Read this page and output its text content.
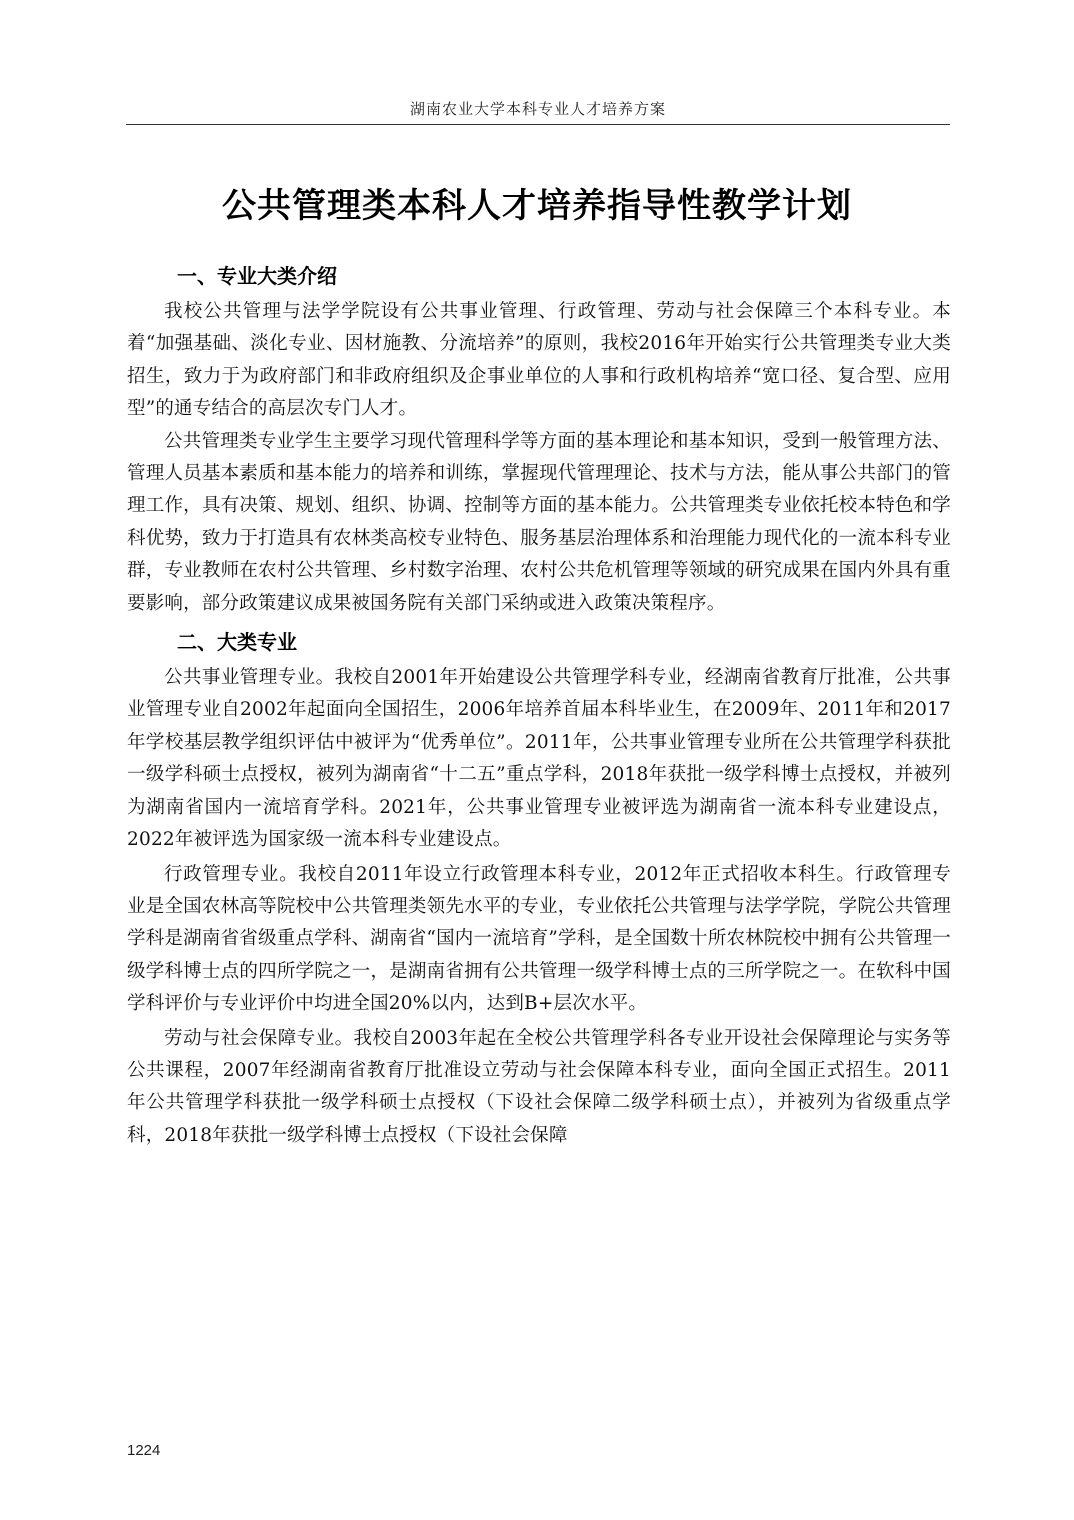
湖南农业大学本科专业人才培养方案
公共管理类本科人才培养指导性教学计划
一、专业大类介绍

我校公共管理与法学学院设有公共事业管理、行政管理、劳动与社会保障三个本科专业。本着“加强基础、淡化专业、因材施教、分流培养”的原则，我校2016年开始实行公共管理类专业大类招生，致力于为政府部门和非政府组织及企事业单位的人事和行政机构培养“宽口径、复合型、应用型”的通专结合的高层次专门人才。

公共管理类专业学生主要学习现代管理科学等方面的基本理论和基本知识，受到一般管理方法、管理人员基本素质和基本能力的培养和训练，掌握现代管理理论、技术与方法，能从事公共部门的管理工作，具有决策、规划、组织、协调、控制等方面的基本能力。公共管理类专业依托校本特色和学科优势，致力于打造具有农林类高校专业特色、服务基层治理体系和治理能力现代化的一流本科专业群，专业教师在农村公共管理、乡村数字治理、农村公共危机管理等领域的研究成果在国内外具有重要影响，部分政策建议成果被国务院有关部门采纳或进入政策决策程序。

二、大类专业

公共事业管理专业。我校自2001年开始建设公共管理学科专业，经湖南省教育厅批准，公共事业管理专业自2002年起面向全国招生，2006年培养首届本科毕业生，在2009年、2011年和2017年学校基层教学组织评估中被评为“优秀单位”。2011年，公共事业管理专业所在公共管理学科获批一级学科硕士点授权，被列为湖南省“十二五”重点学科，2018年获批一级学科博士点授权，并被列为湖南省国内一流培育学科。2021年，公共事业管理专业被评选为湖南省一流本科专业建设点，2022年被评选为国家级一流本科专业建设点。

行政管理专业。我校自2011年设立行政管理本科专业，2012年正式招收本科生。行政管理专业是全国农林高等院校中公共管理类领先水平的专业，专业依托公共管理与法学学院，学院公共管理学科是湖南省省级重点学科、湖南省“国内一流培育”学科，是全国数十所农林院校中拥有公共管理一级学科博士点的四所学院之一，是湖南省拥有公共管理一级学科博士点的三所学院之一。在软科中国学科评价与专业评价中均进全国20%以内，达到B+层次水平。

劳动与社会保障专业。我校自2003年起在全校公共管理学科各专业开设社会保障理论与实务等公共课程，2007年经湖南省教育厅批准设立劳动与社会保障本科专业，面向全国正式招生。2011年公共管理学科获批一级学科硕士点授权（下设社会保障二级学科硕士点），并被列为省级重点学科，2018年获批一级学科博士点授权（下设社会保障

1224
